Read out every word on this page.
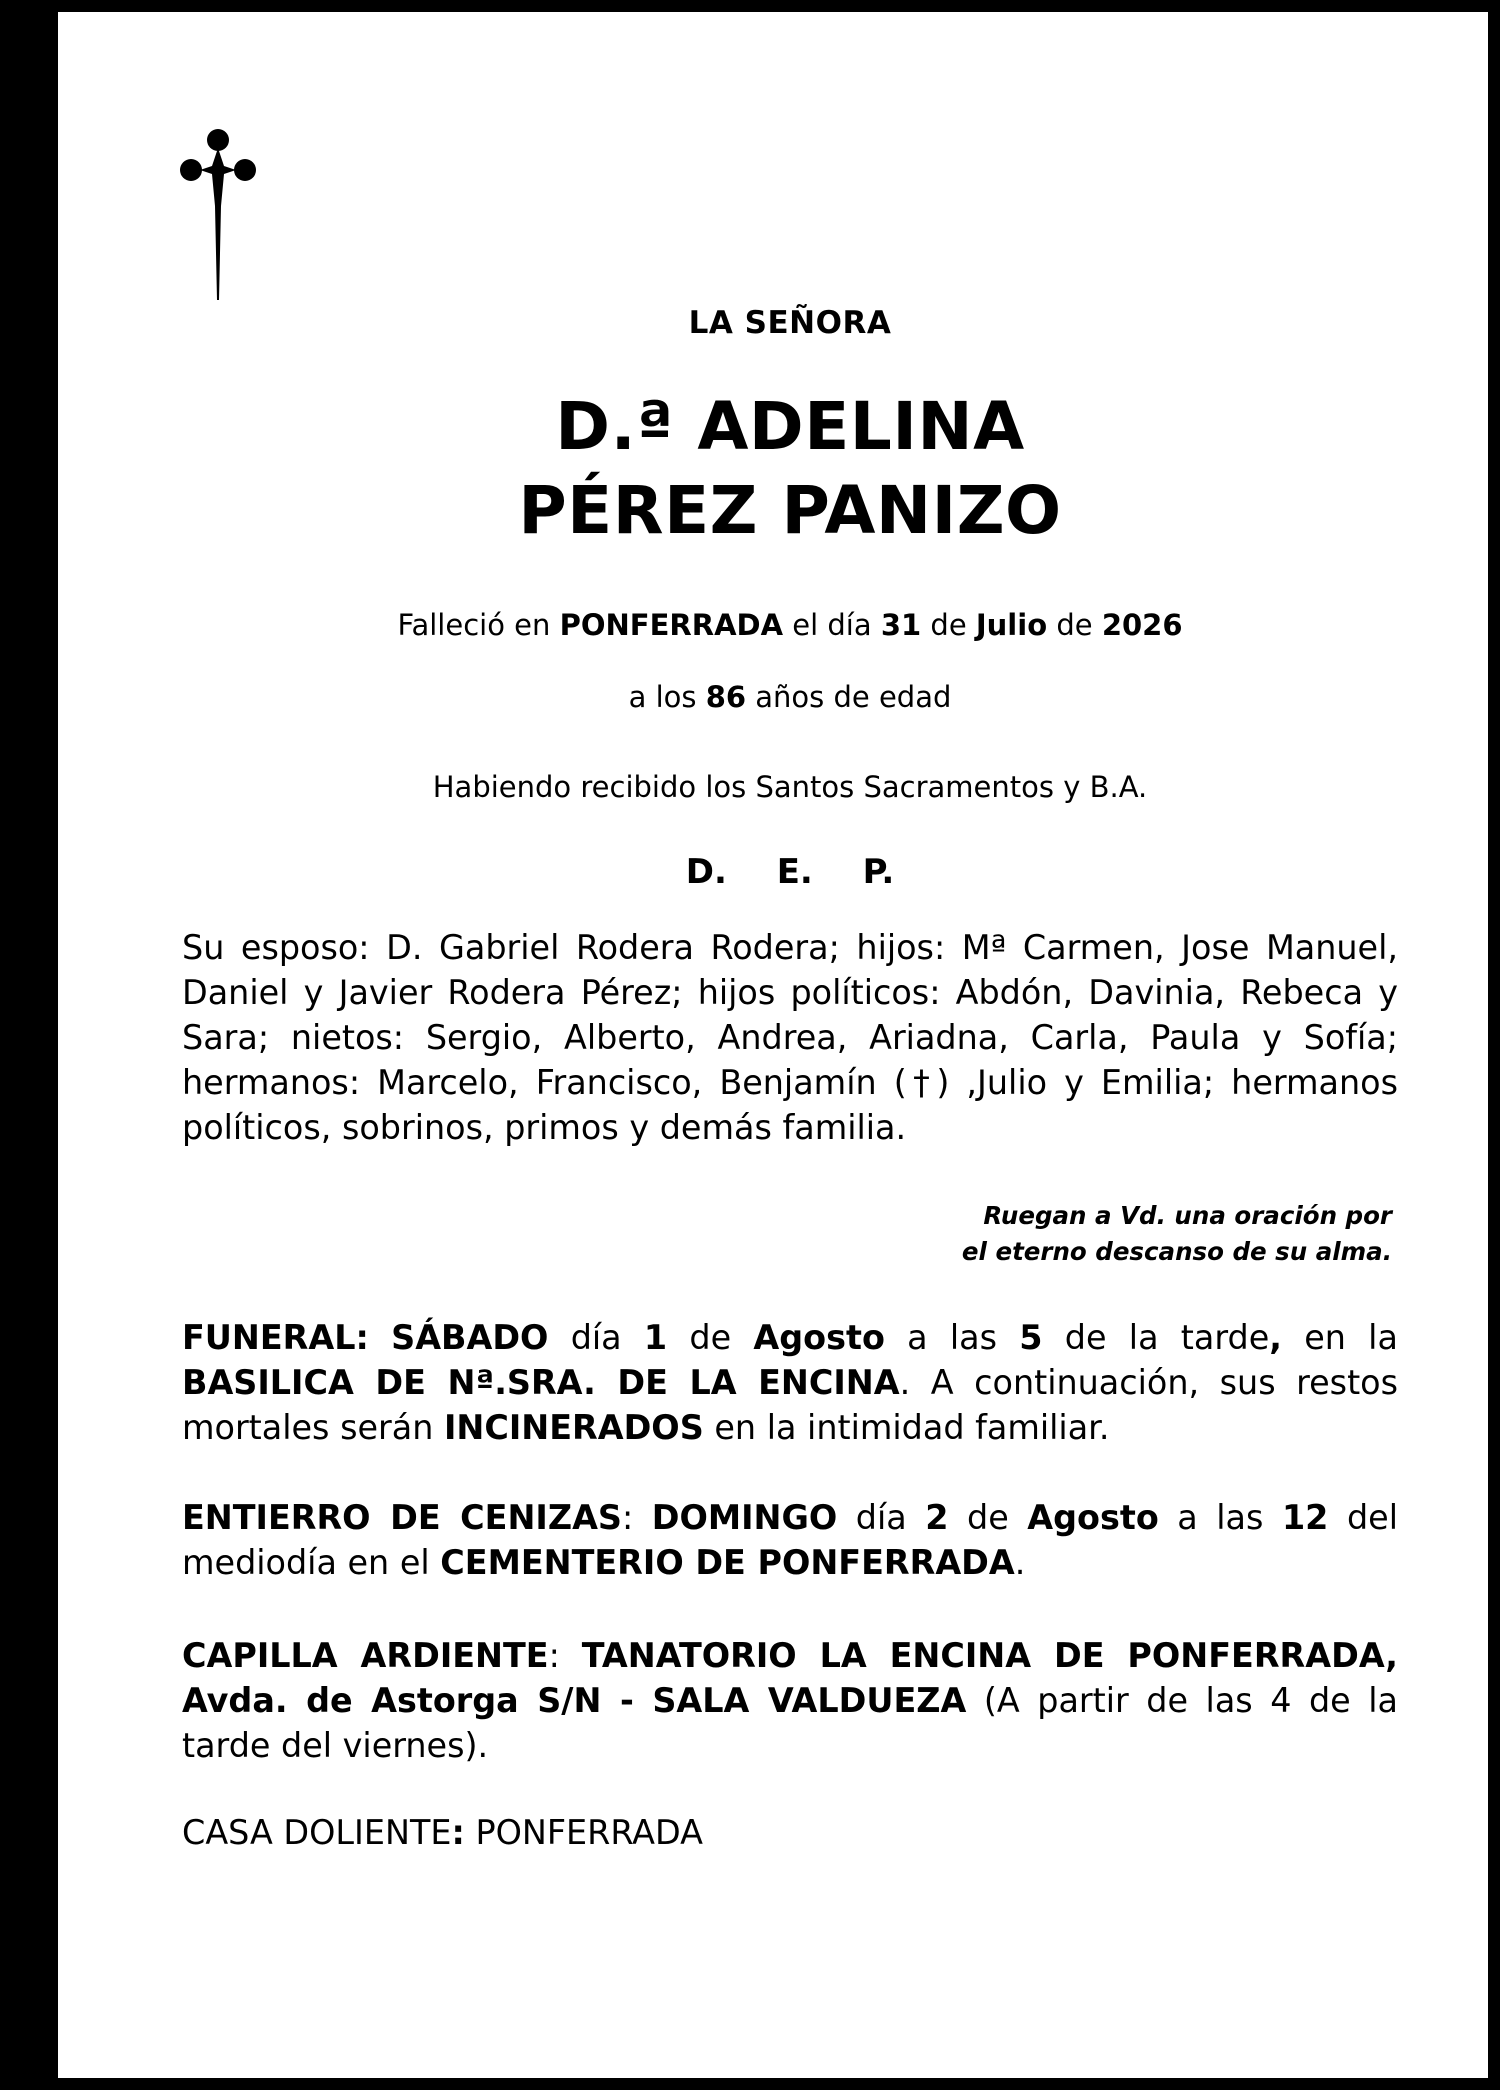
LA SEÑORA
D.ª ADELINA
PÉREZ PANIZO
Falleció en PONFERRADA el día 31 de Julio de 2026
a los 86 años de edad
Habiendo recibido los Santos Sacramentos y B.A.
D. E. P.
Su esposo: D. Gabriel Rodera Rodera; hijos: Mª Carmen, Jose Manuel, Daniel y Javier Rodera Pérez; hijos políticos: Abdón, Davinia, Rebeca y Sara; nietos: Sergio, Alberto, Andrea, Ariadna, Carla, Paula y Sofía; hermanos: Marcelo, Francisco, Benjamín (†) ,Julio y Emilia; hermanos políticos, sobrinos, primos y demás familia.
Ruegan a Vd. una oración por
el eterno descanso de su alma.
FUNERAL: SÁBADO día 1 de Agosto a las 5 de la tarde, en la BASILICA DE Nª.SRA. DE LA ENCINA. A continuación, sus restos mortales serán INCINERADOS en la intimidad familiar.
ENTIERRO DE CENIZAS: DOMINGO día 2 de Agosto a las 12 del mediodía en el CEMENTERIO DE PONFERRADA.
CAPILLA ARDIENTE: TANATORIO LA ENCINA DE PONFERRADA, Avda. de Astorga S/N - SALA VALDUEZA (A partir de las 4 de la tarde del viernes).
CASA DOLIENTE: PONFERRADA
